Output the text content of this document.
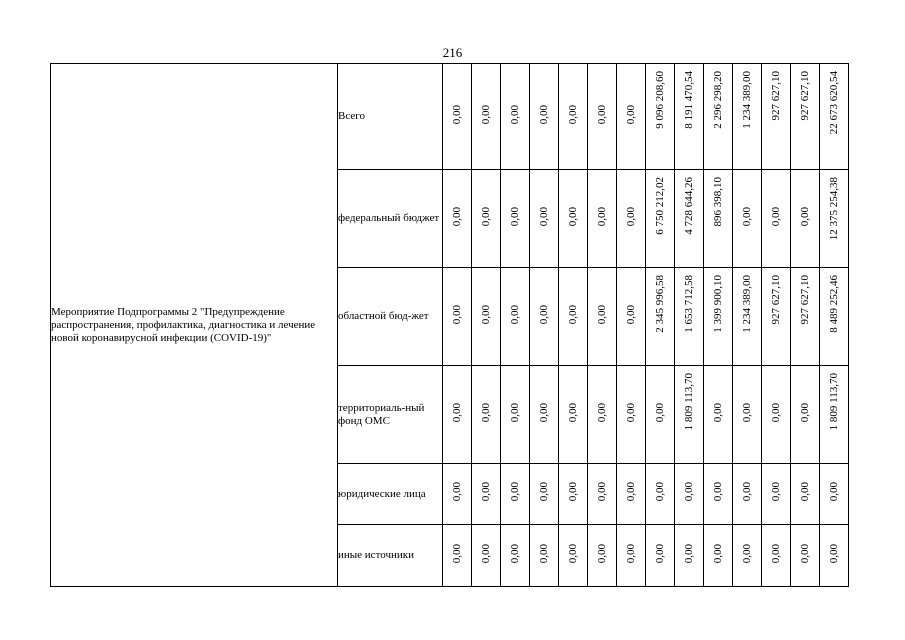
216
Мероприятие Подпрограммы 2 "Предупреждение распространения, профилактика, диагностика и лечение новой коронавирусной инфекции (COVID-19)"	Всего	0,00	0,00	0,00	0,00	0,00	0,00	0,00	9 096 208,60	8 191 470,54	2 296 298,20	1 234 389,00	927 627,10	927 627,10	22 673 620,54
	федеральный бюджет	0,00	0,00	0,00	0,00	0,00	0,00	0,00	6 750 212,02	4 728 644,26	896 398,10	0,00	0,00	0,00	12 375 254,38
	областной бюд-жет	0,00	0,00	0,00	0,00	0,00	0,00	0,00	2 345 996,58	1 653 712,58	1 399 900,10	1 234 389,00	927 627,10	927 627,10	8 489 252,46
	территориаль-ный фонд ОМС	0,00	0,00	0,00	0,00	0,00	0,00	0,00	0,00	1 809 113,70	0,00	0,00	0,00	0,00	1 809 113,70
	юридические лица	0,00	0,00	0,00	0,00	0,00	0,00	0,00	0,00	0,00	0,00	0,00	0,00	0,00	0,00
	иные источники	0,00	0,00	0,00	0,00	0,00	0,00	0,00	0,00	0,00	0,00	0,00	0,00	0,00	0,00
